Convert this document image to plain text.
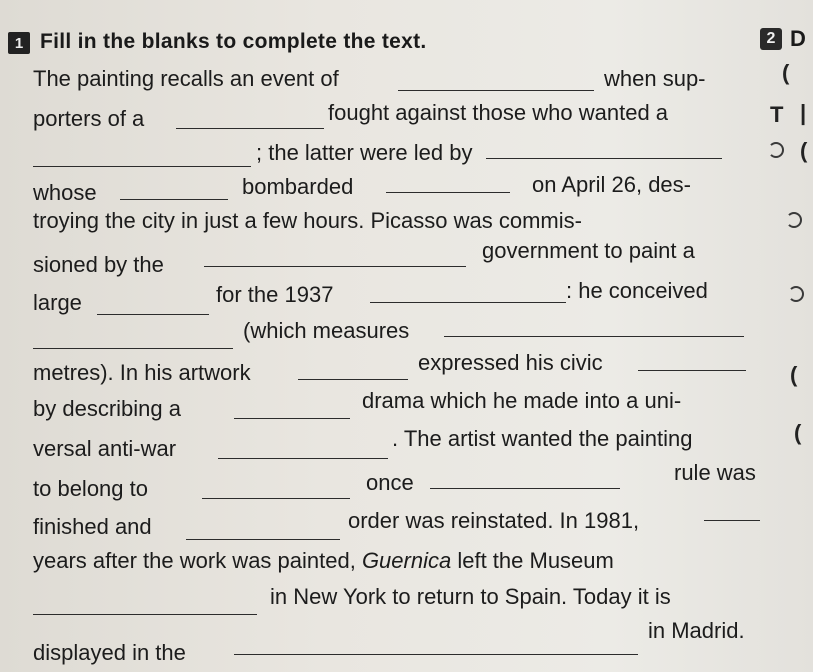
1 Fill in the blanks to complete the text.	2 D
The painting recalls an event of	when sup-
porters of a	fought against those who wanted a
; the latter were led by
whose	bombarded	on April 26, des-
troying the city in just a few hours. Picasso was commis-
sioned by the
government to paint a
large	for the 1937	: he conceived
(which measures
metres). In his artwork	expressed his civic
by describing a	drama which he made into a uni-
versal anti-war	. The artist wanted the painting
to belong to	once	rule was
finished and	order was reinstated. In 1981,
years after the work was painted, Guernica left the Museum
in New York to return to Spain. Today it is
in Madrid.
displayed in the
(
T |
(
(
(
